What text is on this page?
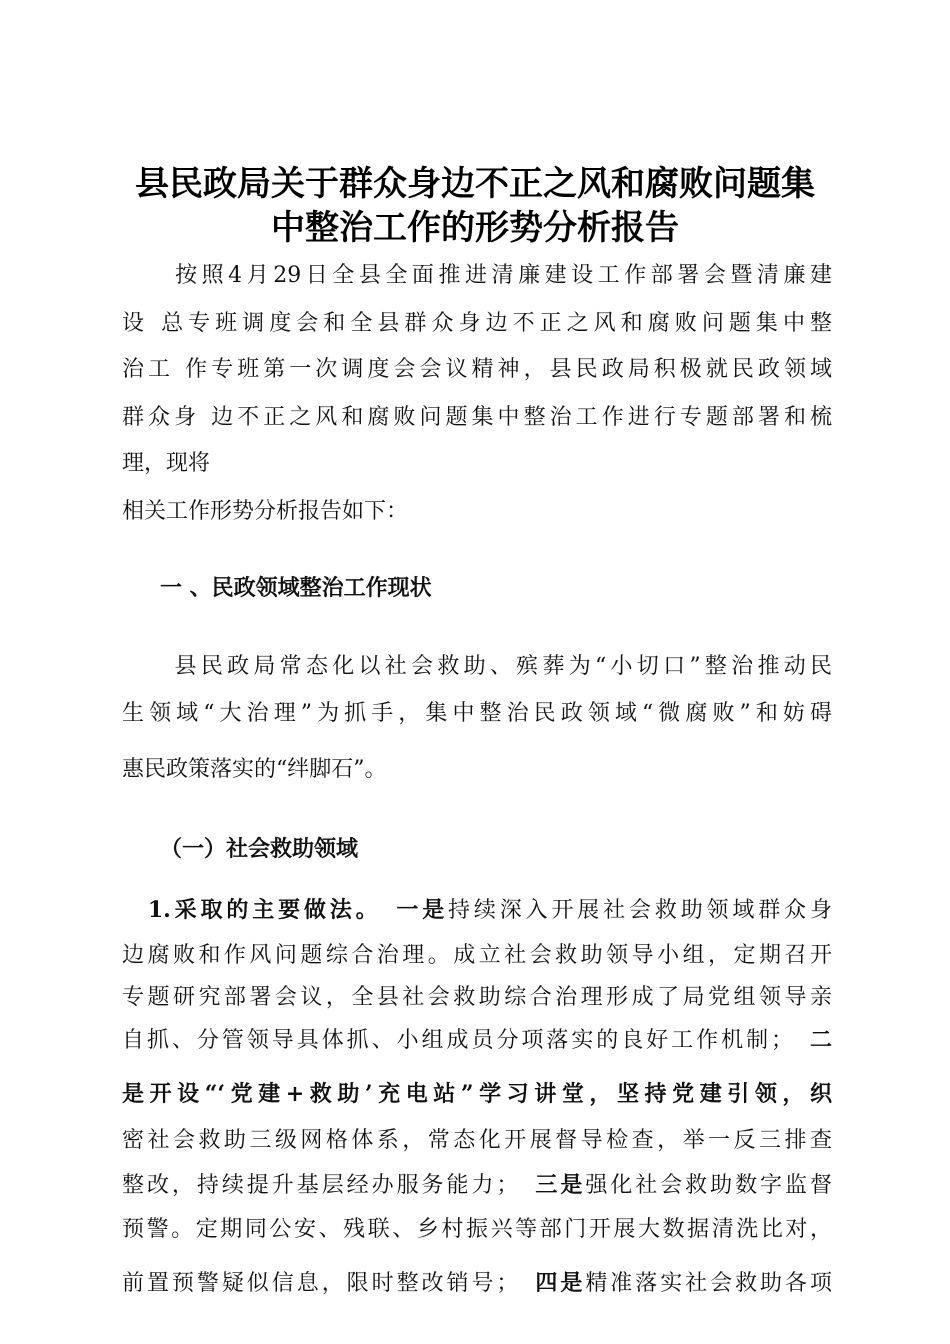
县民政局关于群众身边不正之风和腐败问题集
中整治工作的形势分析报告
　　按照4月29日全县全面推进清廉建设工作部署会暨清廉建
设 总专班调度会和全县群众身边不正之风和腐败问题集中整
治工 作专班第一次调度会会议精神，县民政局积极就民政领域
群众身 边不正之风和腐败问题集中整治工作进行专题部署和梳
理，现将
相关工作形势分析报告如下：
一 、民政领域整治工作现状
　　县民政局常态化以社会救助、殡葬为“小切口”整治推动民
生领域“大治理”为抓手，集中整治民政领域“微腐败”和妨碍
惠民政策落实的“绊脚石”。
（一）社会救助领域
　1.采取的主要做法。　 一是持续深入开展社会救助领域群众身
边腐败和作风问题综合治理。成立社会救助领导小组，定期召开
专题研究部署会议，全县社会救助综合治理形成了局党组领导亲
自抓、分管领导具体抓、小组成员分项落实的良好工作机制；　 二
是开设“‘党建+救助’充电站”学习讲堂，坚持党建引领，织
密社会救助三级网格体系，常态化开展督导检查，举一反三排查
整改，持续提升基层经办服务能力；　 三是强化社会救助数字监督
预警。定期同公安、残联、乡村振兴等部门开展大数据清洗比对，
前置预警疑似信息，限时整改销号；　 四是精准落实社会救助各项
